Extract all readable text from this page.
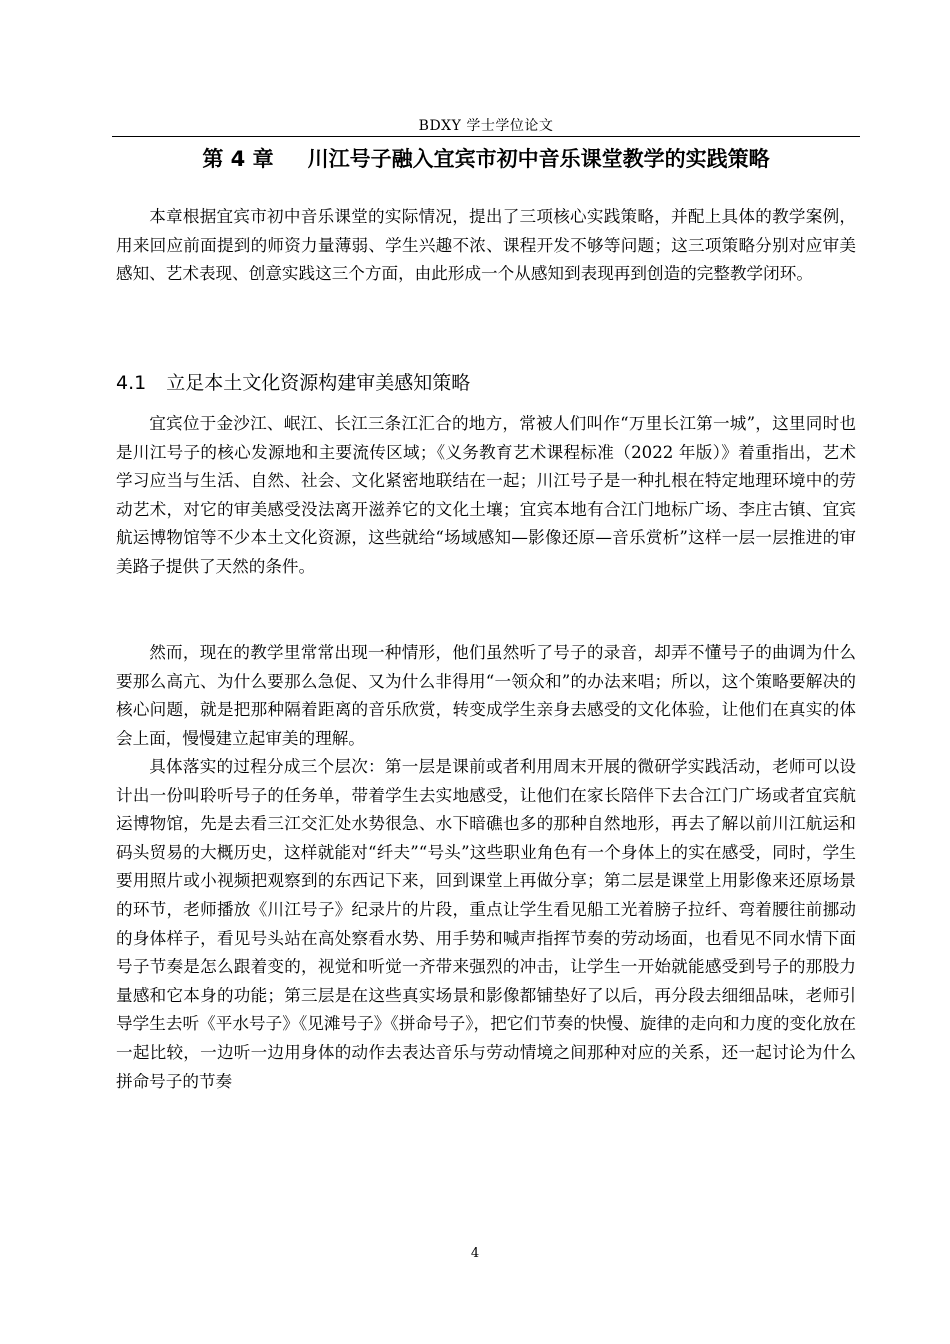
BDXY 学士学位论文
第 4 章 川江号子融入宜宾市初中音乐课堂教学的实践策略

本章根据宜宾市初中音乐课堂的实际情况，提出了三项核心实践策略，并配上具体的教学案例，用来回应前面提到的师资力量薄弱、学生兴趣不浓、课程开发不够等问题；这三项策略分别对应审美感知、艺术表现、创意实践这三个方面，由此形成一个从感知到表现再到创造的完整教学闭环。

4.1 立足本土文化资源构建审美感知策略

宜宾位于金沙江、岷江、长江三条江汇合的地方，常被人们叫作“万里长江第一城”，这里同时也是川江号子的核心发源地和主要流传区域；《义务教育艺术课程标准（2022 年版）》着重指出，艺术学习应当与生活、自然、社会、文化紧密地联结在一起；川江号子是一种扎根在特定地理环境中的劳动艺术，对它的审美感受没法离开滋养它的文化土壤；宜宾本地有合江门地标广场、李庄古镇、宜宾航运博物馆等不少本土文化资源，这些就给“场域感知—影像还原—音乐赏析”这样一层一层推进的审美路子提供了天然的条件。

然而，现在的教学里常常出现一种情形，他们虽然听了号子的录音，却弄不懂号子的曲调为什么要那么高亢、为什么要那么急促、又为什么非得用“一领众和”的办法来唱；所以，这个策略要解决的核心问题，就是把那种隔着距离的音乐欣赏，转变成学生亲身去感受的文化体验，让他们在真实的体会上面，慢慢建立起审美的理解。

具体落实的过程分成三个层次：第一层是课前或者利用周末开展的微研学实践活动，老师可以设计出一份叫聆听号子的任务单，带着学生去实地感受，让他们在家长陪伴下去合江门广场或者宜宾航运博物馆，先是去看三江交汇处水势很急、水下暗礁也多的那种自然地形，再去了解以前川江航运和码头贸易的大概历史，这样就能对“纤夫”“号头”这些职业角色有一个身体上的实在感受，同时，学生要用照片或小视频把观察到的东西记下来，回到课堂上再做分享；第二层是课堂上用影像来还原场景的环节，老师播放《川江号子》纪录片的片段，重点让学生看见船工光着膀子拉纤、弯着腰往前挪动的身体样子，看见号头站在高处察看水势、用手势和喊声指挥节奏的劳动场面，也看见不同水情下面号子节奏是怎么跟着变的，视觉和听觉一齐带来强烈的冲击，让学生一开始就能感受到号子的那股力量感和它本身的功能；第三层是在这些真实场景和影像都铺垫好了以后，再分段去细细品味，老师引导学生去听《平水号子》《见滩号子》《拼命号子》，把它们节奏的快慢、旋律的走向和力度的变化放在一起比较，一边听一边用身体的动作去表达音乐与劳动情境之间那种对应的关系，还一起讨论为什么拼命号子的节奏

4
